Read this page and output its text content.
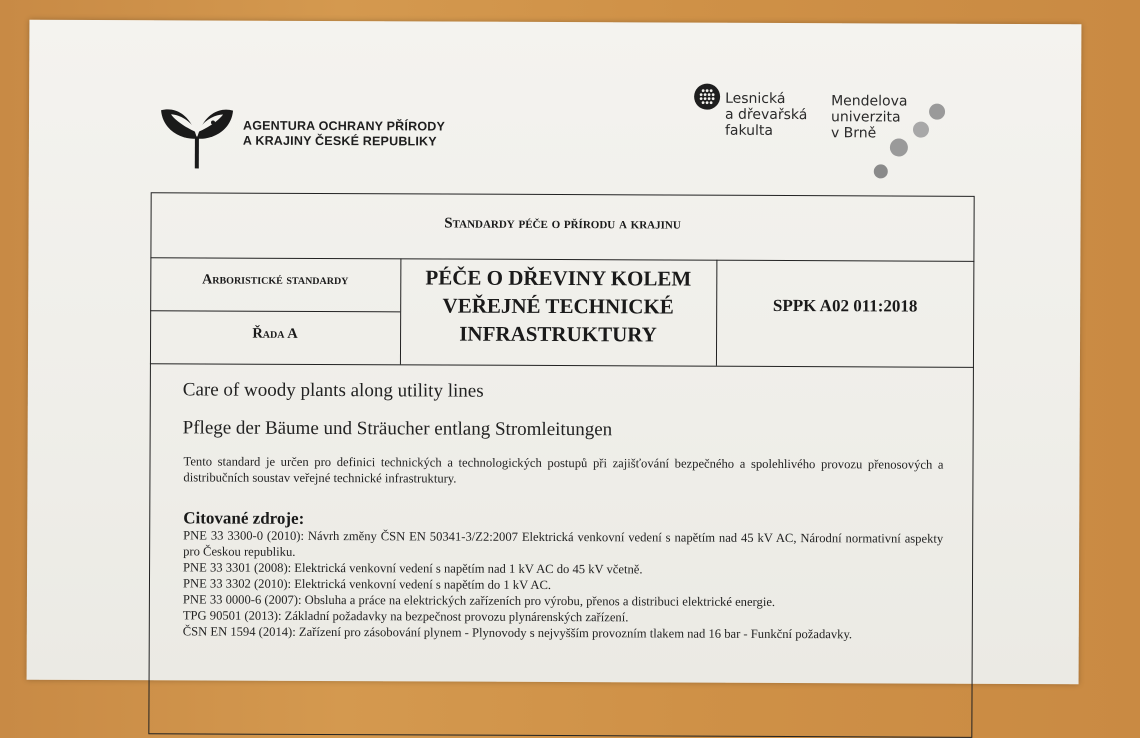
AGENTURA OCHRANY PŘÍRODY
A KRAJINY ČESKÉ REPUBLIKY
Lesnická
a dřevařská
fakulta
Mendelova
univerzita
v Brně
Standardy péče o přírodu a krajinu
Arboristické standardy
Řada A
PÉČE O DŘEVINY KOLEM
VEŘEJNÉ TECHNICKÉ
INFRASTRUKTURY
SPPK A02 011:2018
Care of woody plants along utility lines
Pflege der Bäume und Sträucher entlang Stromleitungen
Tento standard je určen pro definici technických a technologických postupů při zajišťování bezpečného a spolehlivého provozu přenosových a distribučních soustav veřejné technické infrastruktury.
Citované zdroje:
PNE 33 3300-0 (2010): Návrh změny ČSN EN 50341-3/Z2:2007 Elektrická venkovní vedení s napětím nad 45 kV AC, Národní normativní aspekty pro Českou republiku.
PNE 33 3301 (2008): Elektrická venkovní vedení s napětím nad 1 kV AC do 45 kV včetně.
PNE 33 3302 (2010): Elektrická venkovní vedení s napětím do 1 kV AC.
PNE 33 0000-6 (2007): Obsluha a práce na elektrických zařízeních pro výrobu, přenos a distribuci elektrické energie.
TPG 90501 (2013): Základní požadavky na bezpečnost provozu plynárenských zařízení.
ČSN EN 1594 (2014): Zařízení pro zásobování plynem - Plynovody s nejvyšším provozním tlakem nad 16 bar - Funkční požadavky.
